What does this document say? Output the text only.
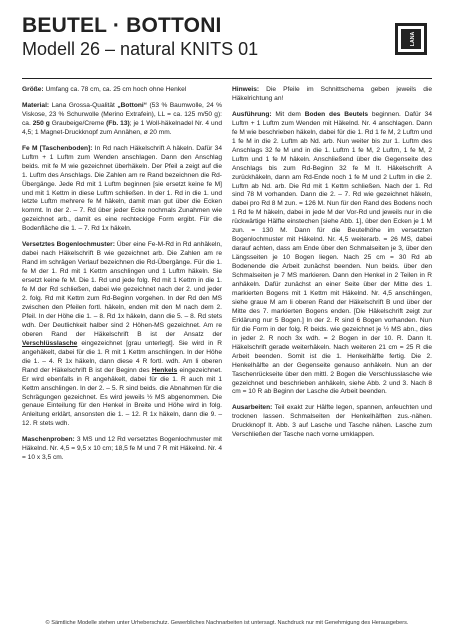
BEUTEL · BOTTONI
Modell 26 – natural KNITS 01	LANA

Größe: Umfang ca. 78 cm, ca. 25 cm hoch ohne Henkel

Material: Lana Grossa-Qualität „Bottoni“ (53 % Baumwolle, 24 % Viskose, 23 % Schurwolle (Merino Extrafein), LL = ca. 125 m/50 g): ca. 250 g Graubeige/Creme (Fb. 13); je 1 Woll-häkelnadel Nr. 4 und 4,5; 1 Magnet-Druckknopf zum Annähen, ø 20 mm.

Fe M [Taschenboden]: In Rd nach Häkelschrift A häkeln. Dafür 34 Luftm + 1 Luftm zum Wenden anschlagen. Dann den Anschlag beids. mit fe M wie gezeichnet überhäkeln. Der Pfeil a zeigt auf die 1. Luftm des Anschlags. Die Zahlen am re Rand bezeichnen die Rd-Übergänge. Jede Rd mit 1 Luftm beginnen [sie ersetzt keine fe M] und mit 1 Kettm in diese Luftm schließen. In der 1. Rd in die 1. und letzte Luftm mehrere fe M häkeln, damit man gut über die Ecken kommt. In der 2. – 7. Rd über jeder Ecke nochmals Zunahmen wie gezeichnet arb., damit es eine rechteckige Form ergibt. Für die Bodenfläche die 1. – 7. Rd 1x häkeln.

Versetztes Bogenlochmuster: Über eine Fe-M-Rd in Rd anhäkeln, dabei nach Häkelschrift B wie gezeichnet arb. Die Zahlen am re Rand im schrägen Verlauf bezeichnen die Rd-Übergänge. Für die 1. fe M der 1. Rd mit 1 Kettm anschlingen und 1 Luftm häkeln. Sie ersetzt keine fe M. Die 1. Rd und jede folg. Rd mit 1 Kettm in die 1. fe M der Rd schließen, dabei wie gezeichnet nach der 2. und jeder 2. folg. Rd mit Kettm zum Rd-Beginn vorgehen. In der Rd den MS zwischen den Pfeilen fortl. häkeln, enden mit den M nach dem 2. Pfeil. In der Höhe die 1. – 8. Rd 1x häkeln, dann die 5. – 8. Rd stets wdh. Der Deutlichkeit halber sind 2 Höhen-MS gezeichnet. Am re oberen Rand der Häkelschrift B ist der Ansatz der Verschlüsslasche eingezeichnet [grau unterlegt]. Sie wird in R angehäkelt, dabei für die 1. R mit 1 Kettm anschlingen. In der Höhe die 1. – 4. R 1x häkeln, dann diese 4 R fortl. wdh. Am li oberen Rand der Häkelschrift B ist der Beginn des Henkels eingezeichnet. Er wird ebenfalls in R angehäkelt, dabei für die 1. R auch mit 1 Kettm anschlingen. In der 2. – 5. R sind beids. die Abnahmen für die Schrägungen gezeichnet. Es wird jeweils ½ MS abgenommen. Die genaue Einteilung für den Henkel in Breite und Höhe wird in folg. Anleitung erklärt, ansonsten die 1. – 12. R 1x häkeln, dann die 9. – 12. R stets wdh.

Maschenproben: 3 MS und 12 Rd versetztes Bogenlochmuster mit Häkelnd. Nr. 4,5 = 9,5 x 10 cm; 18,5 fe M und 7 R mit Häkelnd. Nr. 4 = 10 x 3,5 cm.

Hinweis: Die Pfeile im Schnittschema geben jeweils die Häkelrichtung an!

Ausführung: Mit dem Boden des Beutels beginnen. Dafür 34 Luftm + 1 Luftm zum Wenden mit Häkelnd. Nr. 4 anschlagen. Dann fe M wie beschrieben häkeln, dabei für die 1. Rd 1 fe M, 2 Luftm und 1 fe M in die 2. Luftm ab Nd. arb. Nun weiter bis zur 1. Luftm des Anschlags 32 fe M und in die 1. Luftm 1 fe M, 2 Luftm, 1 fe M, 2 Luftm und 1 fe M häkeln. Anschließend über die Gegenseite des Anschlags bis zum Rd-Beginn 32 fe M lt. Häkelschrift A zurückhäkeln, dann am Rd-Ende noch 1 fe M und 2 Luftm in die 2. Luftm ab Nd. arb. Die Rd mit 1 Kettm schließen. Nach der 1. Rd sind 78 M vorhanden. Dann die 2. – 7. Rd wie gezeichnet häkeln, dabei pro Rd 8 M zun. = 126 M. Nun für den Rand des Bodens noch 1 Rd fe M häkeln, dabei in jede M der Vor-Rd und jeweils nur in die rückwärtige Hälfte einstechen [siehe Abb. 1], über den Ecken je 1 M zun. = 130 M. Dann für die Beutelhöhe im versetzten Bogenlochmuster mit Häkelnd. Nr. 4,5 weiterarb. = 26 MS, dabei darauf achten, dass am Ende über den Schmalseiten je 3, über den Längsseiten je 10 Bogen liegen. Nach 25 cm = 30 Rd ab Bodenende die Arbeit zunächst beenden. Nun beids. über den Schmalseiten je 7 MS markieren. Dann den Henkel in 2 Teilen in R anhäkeln. Dafür zunächst an einer Seite über der Mitte des 1. markierten Bogens mit 1 Kettm mit Häkelnd. Nr. 4,5 anschlingen, siehe graue M am li oberen Rand der Häkelschrift B und über der Mitte des 7. markierten Bogens enden. [Die Häkelschrift zeigt zur Erklärung nur 5 Bogen.] In der 2. R sind 6 Bogen vorhanden. Nun für die Form in der folg. R beids. wie gezeichnet je ½ MS abn., dies in jeder 2. R noch 3x wdh. = 2 Bogen in der 10. R. Dann lt. Häkelschrift gerade weiterhäkeln. Nach weiteren 21 cm = 25 R die Arbeit beenden. Somit ist die 1. Henkelhälfte fertig. Die 2. Henkelhälfte an der Gegenseite genauso anhäkeln. Nun an der Taschenrückseite über den mittl. 2 Bogen die Verschlusslasche wie gezeichnet und beschrieben anhäkeln, siehe Abb. 2 und 3. Nach 8 cm = 10 R ab Beginn der Lasche die Arbeit beenden.

Ausarbeiten: Teil exakt zur Hälfte legen, spannen, anfeuchten und trocknen lassen. Schmalseiten der Henkelhälften zus.-nähen. Druckknopf lt. Abb. 3 auf Lasche und Tasche nähen. Lasche zum Verschließen der Tasche nach vorne umklappen.

© Sämtliche Modelle stehen unter Urheberschutz. Gewerbliches Nachnarbeiten ist untersagt. Nachdruck nur mit Genehmigung des Herausgebers.
